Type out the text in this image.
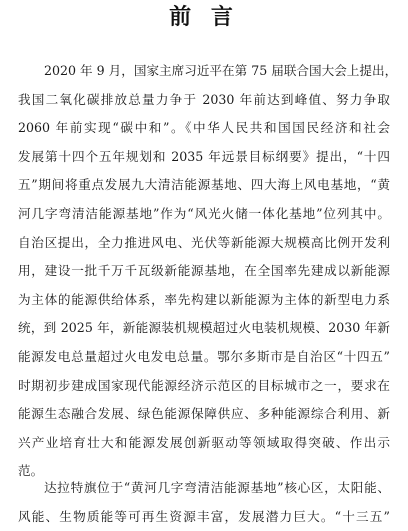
前 言
2020 年 9 月，国家主席习近平在第 75 届联合国大会上提出，
我国二氧化碳排放总量力争于 2030 年前达到峰值、努力争取
2060 年前实现“碳中和”。《中华人民共和国国民经济和社会
发展第十四个五年规划和 2035 年远景目标纲要》提出，“十四
五”期间将重点发展九大清洁能源基地、四大海上风电基地，“黄
河几字弯清洁能源基地”作为“风光火储一体化基地”位列其中。
自治区提出，全力推进风电、光伏等新能源大规模高比例开发利
用，建设一批千万千瓦级新能源基地，在全国率先建成以新能源
为主体的能源供给体系，率先构建以新能源为主体的新型电力系
统，到 2025 年，新能源装机规模超过火电装机规模、2030 年新
能源发电总量超过火电发电总量。鄂尔多斯市是自治区“十四五”
时期初步建成国家现代能源经济示范区的目标城市之一，要求在
能源生态融合发展、绿色能源保障供应、多种能源综合利用、新
兴产业培育壮大和能源发展创新驱动等领域取得突破、作出示
范。
达拉特旗位于“黄河几字弯清洁能源基地”核心区，太阳能、
风能、生物质能等可再生资源丰富，发展潜力巨大。“十三五”
